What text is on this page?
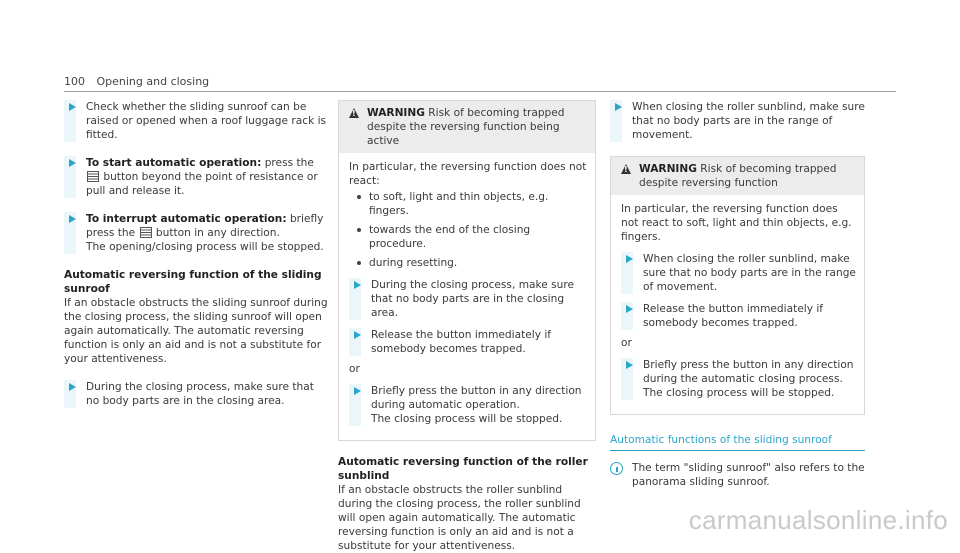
100 Opening and closing
Check whether the sliding sunroof can be raised or opened when a roof luggage rack is fitted.
To start automatic operation: press the  button beyond the point of resistance or pull and release it.
To interrupt automatic operation: briefly press the  button in any direction.
The opening/closing process will be stopped.
Automatic reversing function of the sliding sunroof
If an obstacle obstructs the sliding sunroof during the closing process, the sliding sunroof will open again automatically. The automatic reversing function is only an aid and is not a substitute for your attentiveness.
During the closing process, make sure that no body parts are in the closing area.
!
WARNING Risk of becoming trapped despite the reversing function being active
In particular, the reversing function does not react:
to soft, light and thin objects, e.g. fingers.
towards the end of the closing procedure.
during resetting.
During the closing process, make sure that no body parts are in the closing area.
Release the button immediately if somebody becomes trapped.
or
Briefly press the button in any direction during automatic operation.
The closing process will be stopped.
Automatic reversing function of the roller sunblind
If an obstacle obstructs the roller sunblind during the closing process, the roller sunblind will open again automatically. The automatic reversing function is only an aid and is not a substitute for your attentiveness.
When closing the roller sunblind, make sure that no body parts are in the range of movement.
!
WARNING Risk of becoming trapped despite reversing function
In particular, the reversing function does not react to soft, light and thin objects, e.g. fingers.
When closing the roller sunblind, make sure that no body parts are in the range of movement.
Release the button immediately if somebody becomes trapped.
or
Briefly press the button in any direction during the automatic closing process.
The closing process will be stopped.
Automatic functions of the sliding sunroof
The term "sliding sunroof" also refers to the panorama sliding sunroof.
carmanualsonline.info
